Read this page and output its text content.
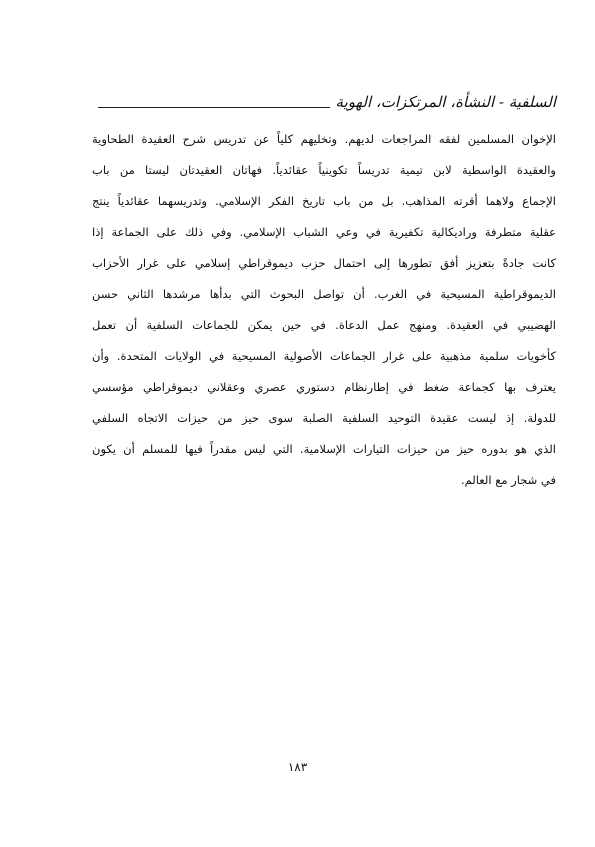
السلفية - النشأة، المرتكزات، الهوية
الإخوان المسلمين لفقه المراجعات لديهم. وتخليهم كلياً عن تدريس شرح العقيدة الطحاوية
والعقيدة الواسطية لابن تيمية تدريساً تكوينياً عقائدياً. فهاتان العقيدتان ليستا من باب
الإجماع ولاهما أقرته المذاهب. بل من باب تاريخ الفكر الإسلامي. وتدريسهما عقائدياً ينتج
عقلية متطرفة وراديكالية تكفيرية في وعي الشباب الإسلامي. وفي ذلك على الجماعة إذا
كانت جادةً بتعزيز أفق تطورها إلى احتمال حزب ديموقراطي إسلامي على غرار الأحزاب
الديموقراطية المسيحية في الغرب. أن تواصل البحوث التي بدأها مرشدها الثاني حسن
الهضيبي في العقيدة. ومنهج عمل الدعاة. في حين يمكن للجماعات السلفية أن تعمل
كأخويات سلمية مذهبية على غرار الجماعات الأصولية المسيحية في الولايات المتحدة. وأن
يعترف بها كجماعة ضغط في إطارنظام دستوري عصري وعقلاني ديموقراطي مؤسسي
للدولة. إذ ليست عقيدة التوحيد السلفية الصلبة سوى حيز من حيزات الاتجاه السلفي
الذي هو بدوره حيز من حيزات التيارات الإسلامية. التي ليس مقدراً فيها للمسلم أن يكون
في شجار مع العالم.
١٨٣
